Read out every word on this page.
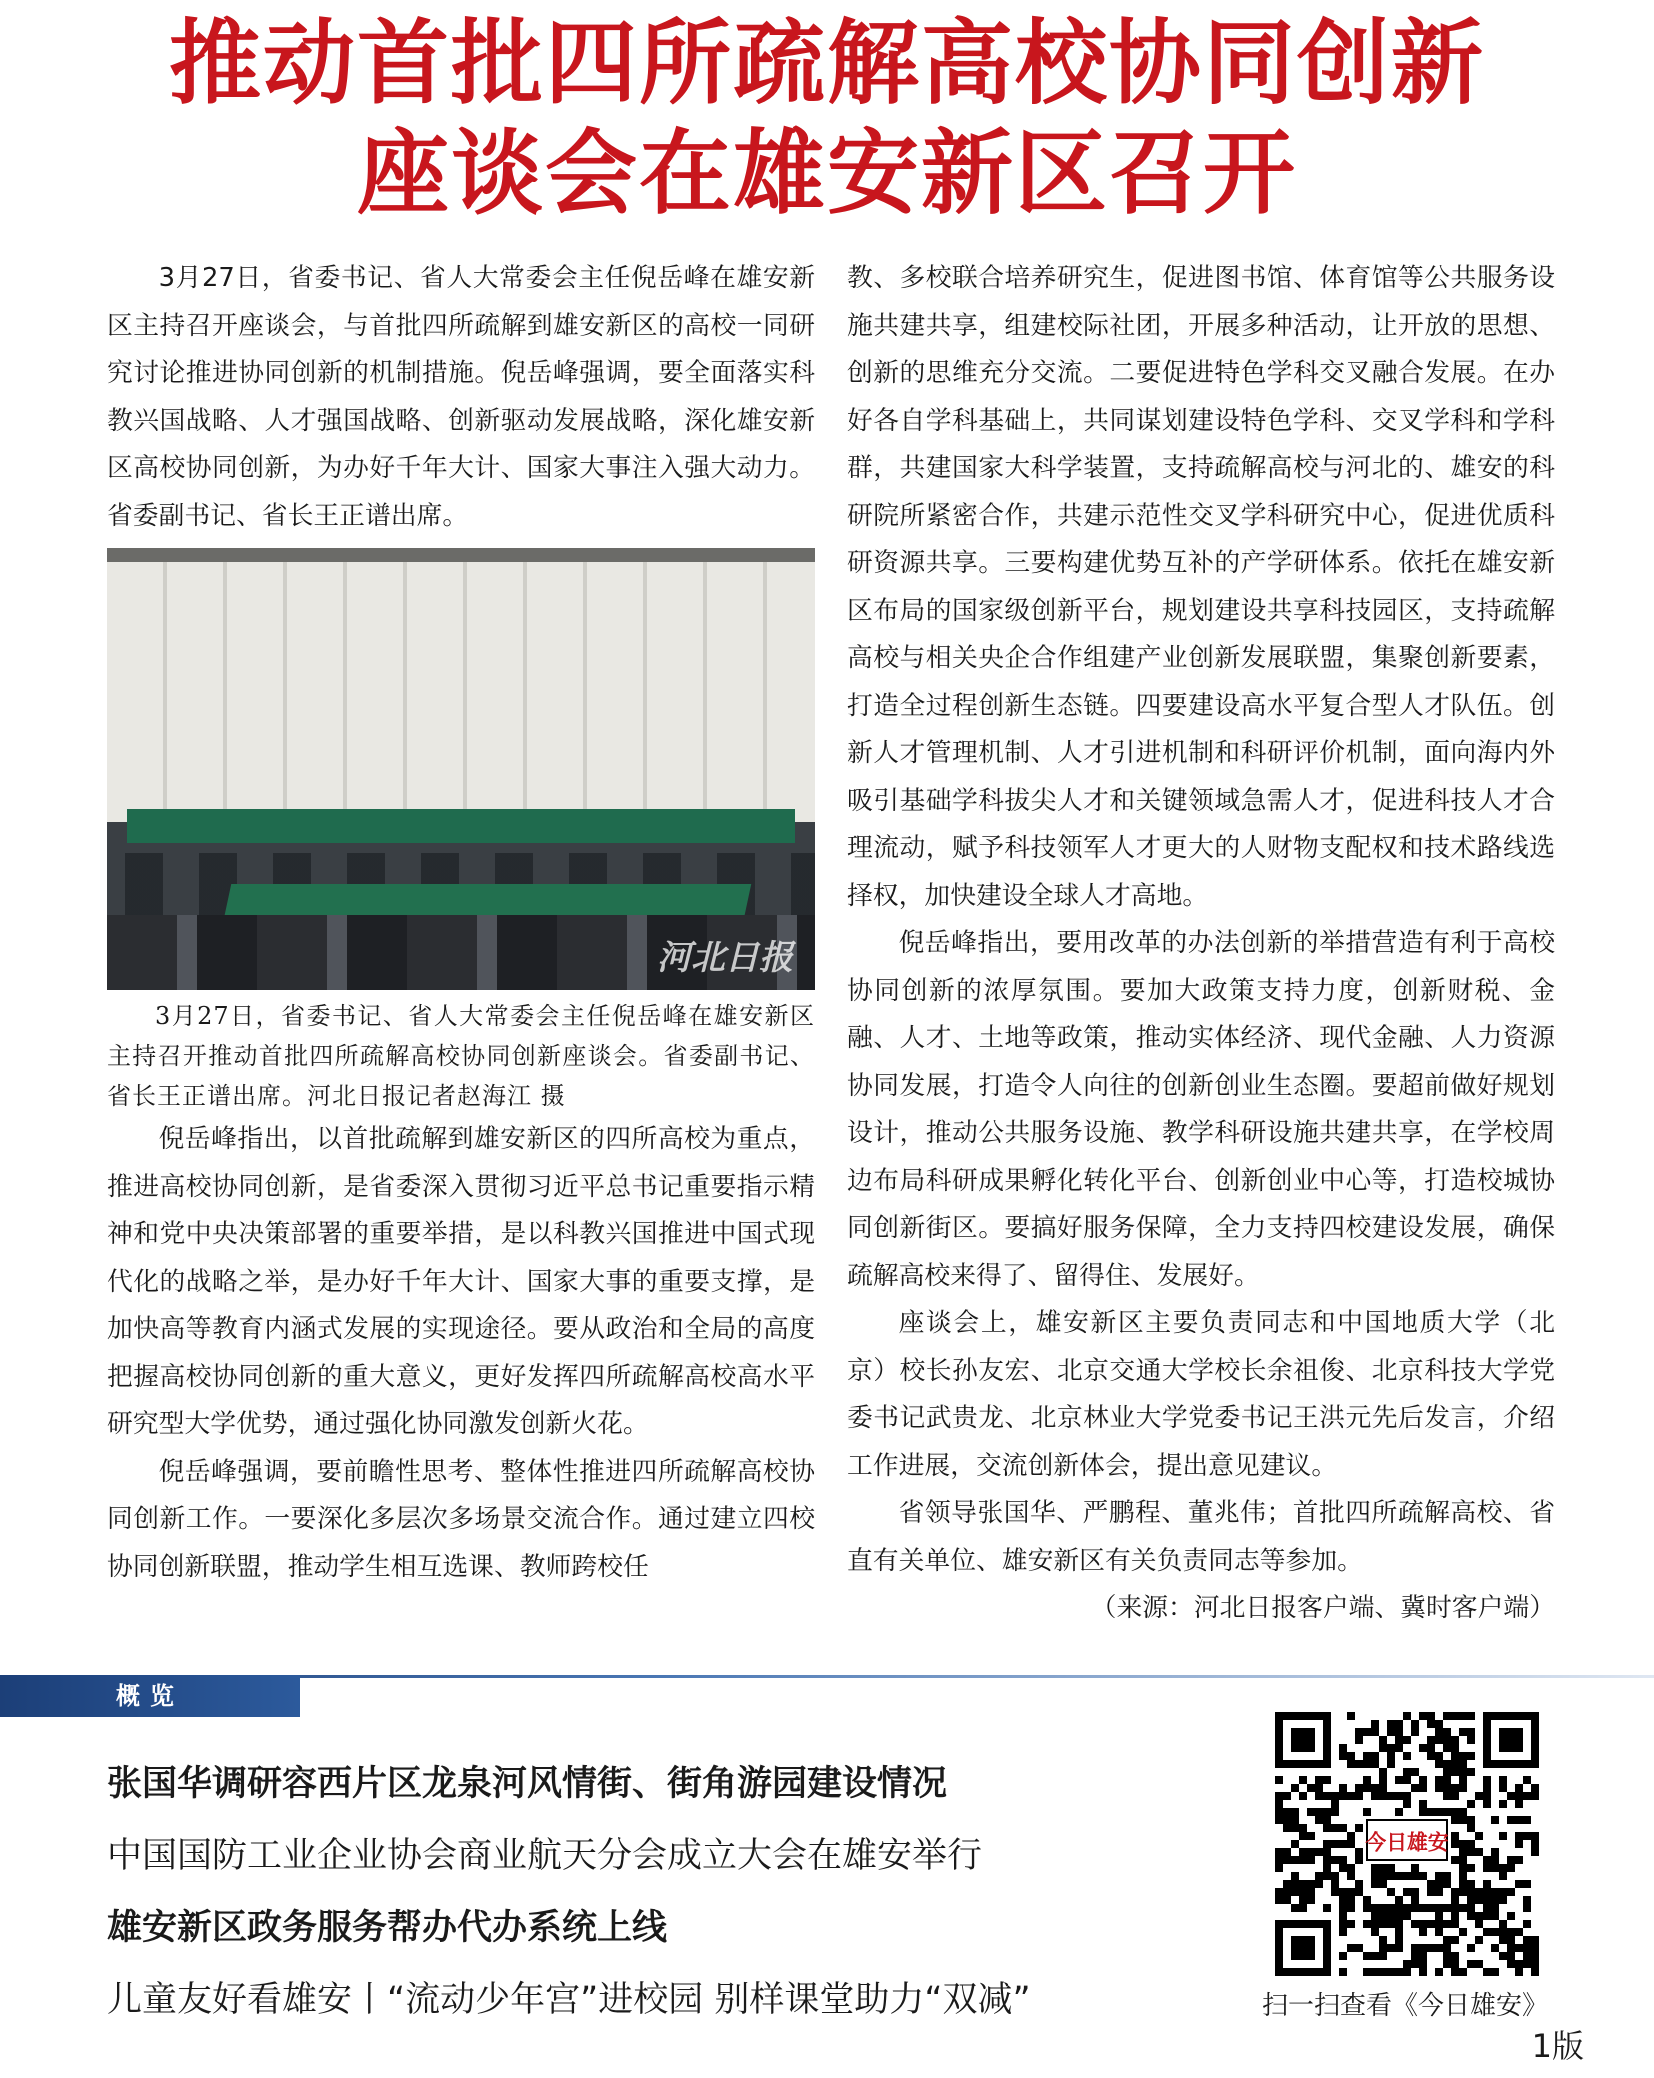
推动首批四所疏解高校协同创新
座谈会在雄安新区召开

3月27日，省委书记、省人大常委会主任倪岳峰在雄安新区主持召开座谈会，与首批四所疏解到雄安新区的高校一同研究讨论推进协同创新的机制措施。倪岳峰强调，要全面落实科教兴国战略、人才强国战略、创新驱动发展战略，深化雄安新区高校协同创新，为办好千年大计、国家大事注入强大动力。省委副书记、省长王正谱出席。

河北日报

3月27日，省委书记、省人大常委会主任倪岳峰在雄安新区主持召开推动首批四所疏解高校协同创新座谈会。省委副书记、省长王正谱出席。河北日报记者赵海江 摄

倪岳峰指出，以首批疏解到雄安新区的四所高校为重点，推进高校协同创新，是省委深入贯彻习近平总书记重要指示精神和党中央决策部署的重要举措，是以科教兴国推进中国式现代化的战略之举，是办好千年大计、国家大事的重要支撑，是加快高等教育内涵式发展的实现途径。要从政治和全局的高度把握高校协同创新的重大意义，更好发挥四所疏解高校高水平研究型大学优势，通过强化协同激发创新火花。

倪岳峰强调，要前瞻性思考、整体性推进四所疏解高校协同创新工作。一要深化多层次多场景交流合作。通过建立四校协同创新联盟，推动学生相互选课、教师跨校任

教、多校联合培养研究生，促进图书馆、体育馆等公共服务设施共建共享，组建校际社团，开展多种活动，让开放的思想、创新的思维充分交流。二要促进特色学科交叉融合发展。在办好各自学科基础上，共同谋划建设特色学科、交叉学科和学科群，共建国家大科学装置，支持疏解高校与河北的、雄安的科研院所紧密合作，共建示范性交叉学科研究中心，促进优质科研资源共享。三要构建优势互补的产学研体系。依托在雄安新区布局的国家级创新平台，规划建设共享科技园区，支持疏解高校与相关央企合作组建产业创新发展联盟，集聚创新要素，打造全过程创新生态链。四要建设高水平复合型人才队伍。创新人才管理机制、人才引进机制和科研评价机制，面向海内外吸引基础学科拔尖人才和关键领域急需人才，促进科技人才合理流动，赋予科技领军人才更大的人财物支配权和技术路线选择权，加快建设全球人才高地。

倪岳峰指出，要用改革的办法创新的举措营造有利于高校协同创新的浓厚氛围。要加大政策支持力度，创新财税、金融、人才、土地等政策，推动实体经济、现代金融、人力资源协同发展，打造令人向往的创新创业生态圈。要超前做好规划设计，推动公共服务设施、教学科研设施共建共享，在学校周边布局科研成果孵化转化平台、创新创业中心等，打造校城协同创新街区。要搞好服务保障，全力支持四校建设发展，确保疏解高校来得了、留得住、发展好。

座谈会上，雄安新区主要负责同志和中国地质大学（北京）校长孙友宏、北京交通大学校长余祖俊、北京科技大学党委书记武贵龙、北京林业大学党委书记王洪元先后发言，介绍工作进展，交流创新体会，提出意见建议。

省领导张国华、严鹏程、董兆伟；首批四所疏解高校、省直有关单位、雄安新区有关负责同志等参加。

（来源：河北日报客户端、冀时客户端）

概览
张国华调研容西片区龙泉河风情街、街角游园建设情况
中国国防工业企业协会商业航天分会成立大会在雄安举行
雄安新区政务服务帮办代办系统上线
儿童友好看雄安丨“流动少年宫”进校园 别样课堂助力“双减”
今日雄安
扫一扫查看《今日雄安》
1版
